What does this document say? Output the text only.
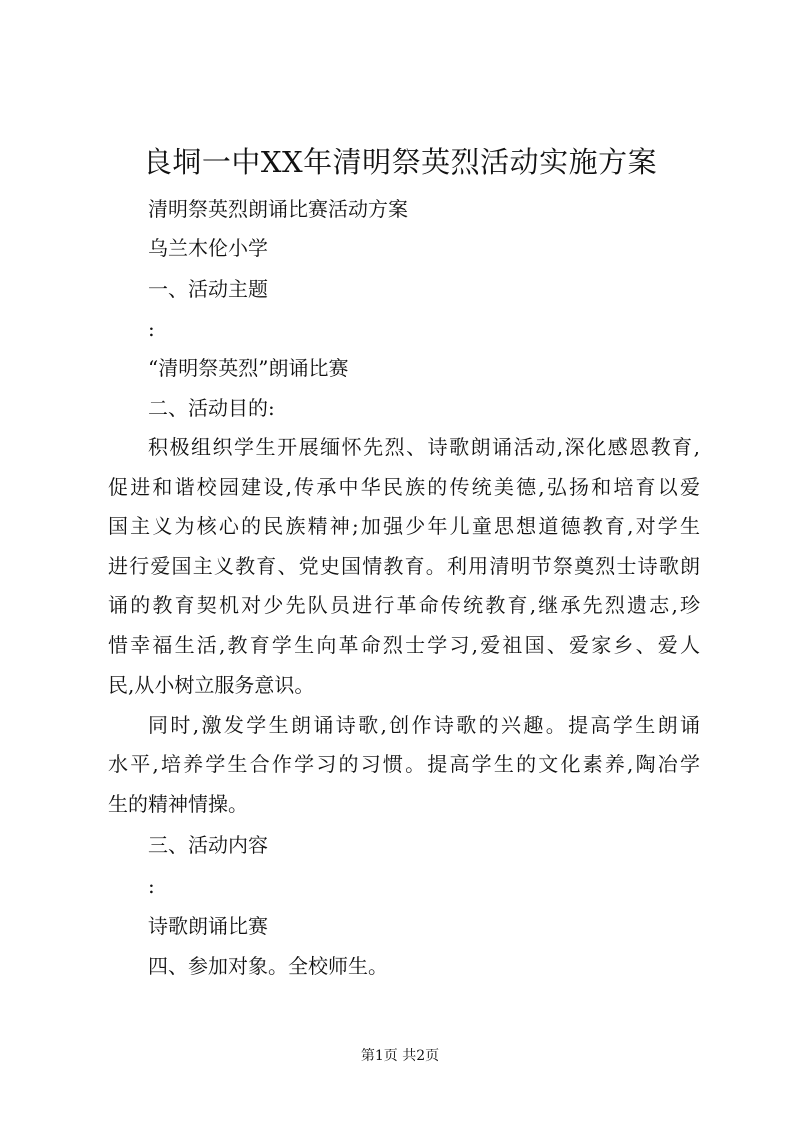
良垌一中XX年清明祭英烈活动实施方案
清明祭英烈朗诵比赛活动方案
乌兰木伦小学
一、活动主题
:
“清明祭英烈”朗诵比赛
二、活动目的:
积极组织学生开展缅怀先烈、诗歌朗诵活动,深化感恩教育,
促进和谐校园建设,传承中华民族的传统美德,弘扬和培育以爱
国主义为核心的民族精神;加强少年儿童思想道德教育,对学生
进行爱国主义教育、党史国情教育。利用清明节祭奠烈士诗歌朗
诵的教育契机对少先队员进行革命传统教育,继承先烈遗志,珍
惜幸福生活,教育学生向革命烈士学习,爱祖国、爱家乡、爱人
民,从小树立服务意识。
同时,激发学生朗诵诗歌,创作诗歌的兴趣。提高学生朗诵
水平,培养学生合作学习的习惯。提高学生的文化素养,陶冶学
生的精神情操。
三、活动内容
:
诗歌朗诵比赛
四、参加对象。全校师生。
第1页 共2页
